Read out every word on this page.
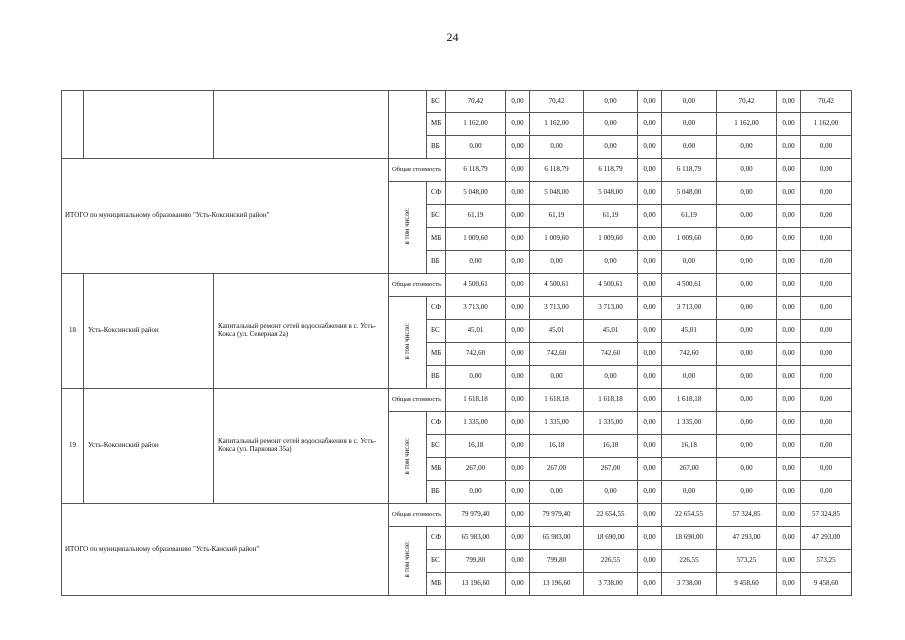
24
				БС	70,42	0,00	70,42	0,00	0,00	0,00	70,42	0,00	70,42
				МБ	1 162,00	0,00	1 162,00	0,00	0,00	0,00	1 162,00	0,00	1 162,00
				ВБ	0,00	0,00	0,00	0,00	0,00	0,00	0,00	0,00	0,00
ИТОГО по муниципальному образованию "Усть-Коксинский район"			Общая стоимость		6 118,79	0,00	6 118,79	6 118,79	0,00	6 118,79	0,00	0,00	0,00
			в том числе:	СФ	5 048,00	0,00	5 048,00	5 048,00	0,00	5 048,00	0,00	0,00	0,00
				БС	61,19	0,00	61,19	61,19	0,00	61,19	0,00	0,00	0,00
				МБ	1 009,60	0,00	1 009,60	1 009,60	0,00	1 009,60	0,00	0,00	0,00
				ВБ	0,00	0,00	0,00	0,00	0,00	0,00	0,00	0,00	0,00
18	Усть-Коксинский район	Капитальный ремонт сетей водоснабжения в с. Усть-Кокса (ул. Северная 2а)	Общая стоимость		4 500,61	0,00	4 500,61	4 500,61	0,00	4 500,61	0,00	0,00	0,00
			в том числе:	СФ	3 713,00	0,00	3 713,00	3 713,00	0,00	3 713,00	0,00	0,00	0,00
				БС	45,01	0,00	45,01	45,01	0,00	45,01	0,00	0,00	0,00
				МБ	742,60	0,00	742,60	742,60	0,00	742,60	0,00	0,00	0,00
				ВБ	0,00	0,00	0,00	0,00	0,00	0,00	0,00	0,00	0,00
19	Усть-Коксинский район	Капитальный ремонт сетей водоснабжения в с. Усть-Кокса (ул. Парковая 35а)	Общая стоимость		1 618,18	0,00	1 618,18	1 618,18	0,00	1 618,18	0,00	0,00	0,00
			в том числе:	СФ	1 335,00	0,00	1 335,00	1 335,00	0,00	1 335,00	0,00	0,00	0,00
				БС	16,18	0,00	16,18	16,18	0,00	16,18	0,00	0,00	0,00
				МБ	267,00	0,00	267,00	267,00	0,00	267,00	0,00	0,00	0,00
				ВБ	0,00	0,00	0,00	0,00	0,00	0,00	0,00	0,00	0,00
ИТОГО по муниципальному образованию "Усть-Канский район"			Общая стоимость		79 979,40	0,00	79 979,40	22 654,55	0,00	22 654,55	57 324,85	0,00	57 324,85
			в том числе:	СФ	65 983,00	0,00	65 983,00	18 690,00	0,00	18 690,00	47 293,00	0,00	47 293,00
				БС	799,80	0,00	799,80	226,55	0,00	226,55	573,25	0,00	573,25
				МБ	13 196,60	0,00	13 196,60	3 738,00	0,00	3 738,00	9 458,60	0,00	9 458,60
